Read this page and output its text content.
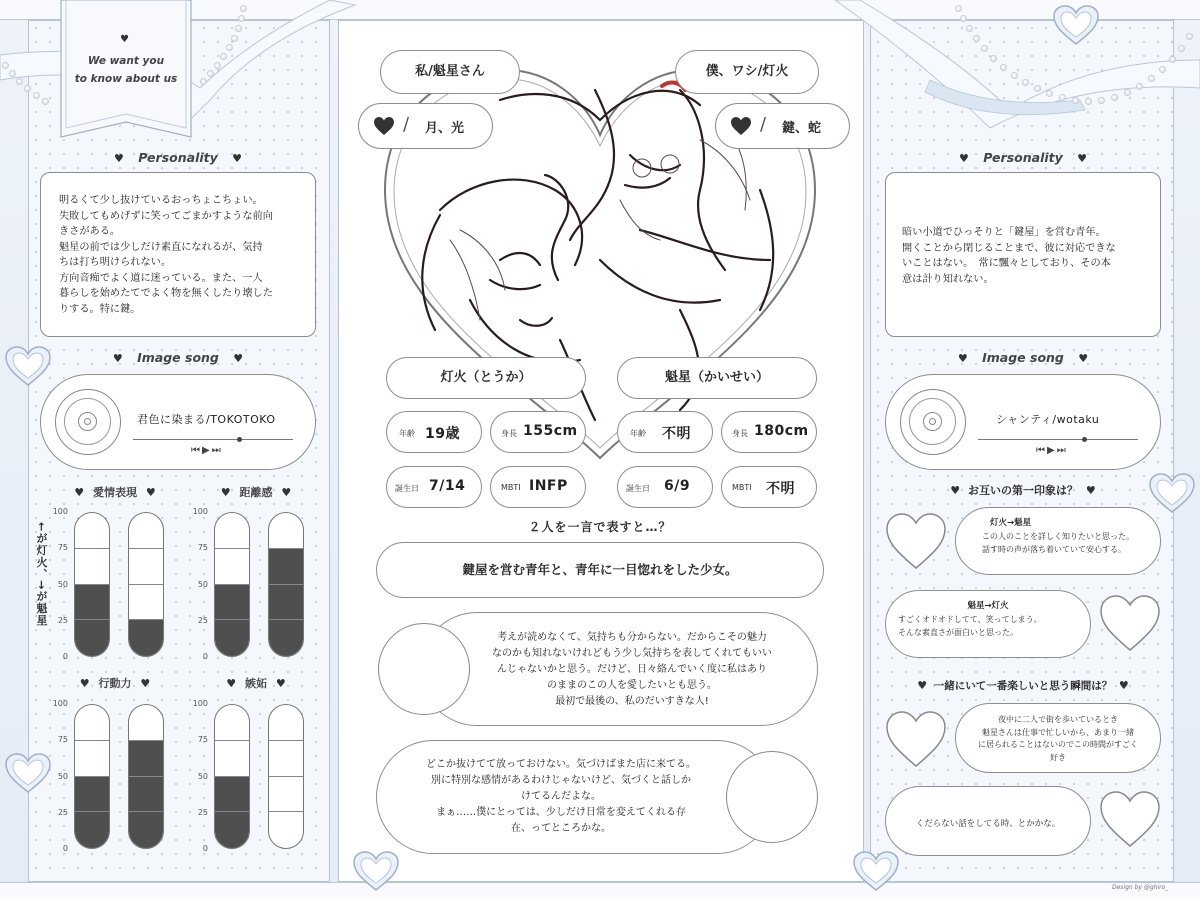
♥
We want you
to know about us
♥ Personality ♥
明るくて少し抜けているおっちょこちょい。
失敗してもめげずに笑ってごまかすような前向
きさがある。
魁星の前では少しだけ素直になれるが、気持
ちは打ち明けられない。
方向音痴でよく道に迷っている。また、一人
暮らしを始めたてでよく物を無くしたり壊した
りする。特に鍵。
♥ Image song ♥
君色に染まる/TOKOTOKO
⏮▶⏭
♥ 愛情表現 ♥	♥ 距離感 ♥
♥ 行動力 ♥	♥ 嫉妬 ♥
←が灯火、→が魁星
0
25
50
75
100
0
25
50
75
100
0
25
50
75
100
0
25
50
75
100
私/魁星さん	僕、ワシ/灯火
/ 月、光	/ 鍵、蛇
灯火（とうか）	魁星（かいせい）
年齢 19歳	身長 155cm	年齢 不明	身長 180cm
誕生日 7/14	MBTI INFP	誕生日 6/9	MBTI 不明
２人を一言で表すと…？
鍵屋を営む青年と、青年に一目惚れをした少女。
考えが読めなくて、気持ちも分からない。だからこその魅力
なのかも知れないけれどもう少し気持ちを表してくれてもいい
んじゃないかと思う。だけど、日々絡んでいく度に私はあり
のままのこの人を愛したいとも思う。
最初で最後の、私のだいすきな人!
どこか抜けてて放っておけない。気づけばまた店に来てる。
別に特別な感情があるわけじゃないけど、気づくと話しか
けてるんだよな。
まぁ……僕にとっては、少しだけ日常を変えてくれる存
在、ってところかな。
♥ Personality ♥
暗い小道でひっそりと「鍵屋」を営む青年。
開くことから閉じることまで、彼に対応できな
いことはない。　常に飄々としており、その本
意は計り知れない。
♥ Image song ♥
シャンティ/wotaku
⏮▶⏭
♥ お互いの第一印象は？ ♥
灯火→魁星
この人のことを詳しく知りたいと思った。
話す時の声が落ち着いていて安心する。
魁星→灯火
すごくオドオドしてて、笑ってしまう。
そんな素直さが面白いと思った。
♥ 一緒にいて一番楽しいと思う瞬間は？ ♥
夜中に二人で街を歩いているとき
魁星さんは仕事で忙しいから、あまり一緒
に居られることはないのでこの時間がすごく
好き
くだらない話をしてる時、とかかな。
Design by @ghiro_
